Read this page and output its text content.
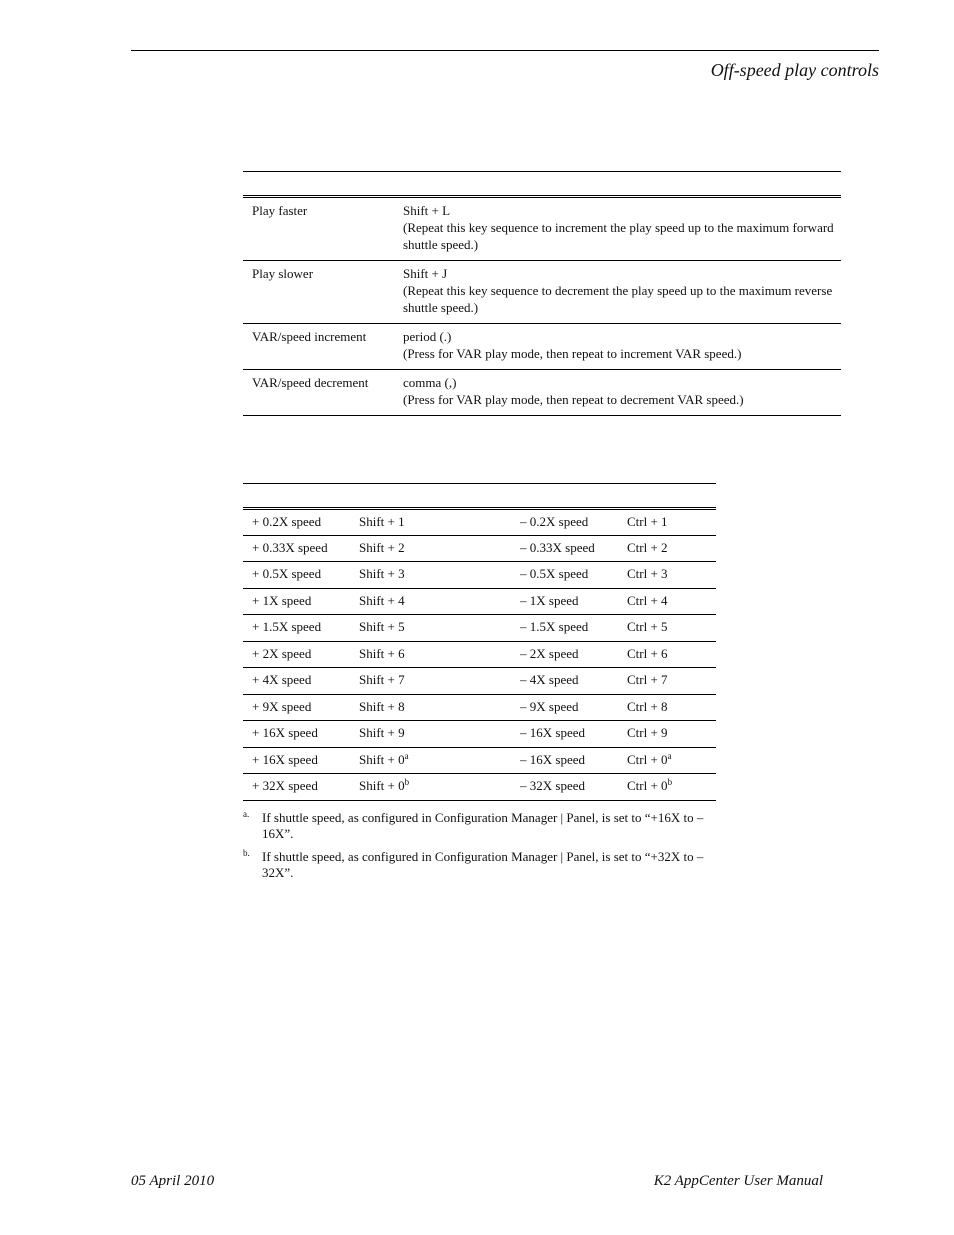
Off-speed play controls
Play faster	Shift + L
(Repeat this key sequence to increment the play speed up to the maximum forward shuttle speed.)

Play slower	Shift + J
(Repeat this key sequence to decrement the play speed up to the maximum reverse shuttle speed.)

VAR/speed increment	period (.)
(Press for VAR play mode, then repeat to increment VAR speed.)

VAR/speed decrement	comma (,)
(Press for VAR play mode, then repeat to decrement VAR speed.)
+ 0.2X speed	Shift + 1	– 0.2X speed	Ctrl + 1
+ 0.33X speed	Shift + 2	– 0.33X speed	Ctrl + 2
+ 0.5X speed	Shift + 3	– 0.5X speed	Ctrl + 3
+ 1X speed	Shift + 4	– 1X speed	Ctrl + 4
+ 1.5X speed	Shift + 5	– 1.5X speed	Ctrl + 5
+ 2X speed	Shift + 6	– 2X speed	Ctrl + 6
+ 4X speed	Shift + 7	– 4X speed	Ctrl + 7
+ 9X speed	Shift + 8	– 9X speed	Ctrl + 8
+ 16X speed	Shift + 9	– 16X speed	Ctrl + 9
+ 16X speed	Shift + $0^a$	– 16X speed	Ctrl + $0^a$
+ 32X speed	Shift + $0^b$	– 32X speed	Ctrl + $0^b$
a. If shuttle speed, as configured in Configuration Manager | Panel, is set to “+16X to –16X”.
b. If shuttle speed, as configured in Configuration Manager | Panel, is set to “+32X to –32X”.
05 April 2010	K2 AppCenter User Manual
